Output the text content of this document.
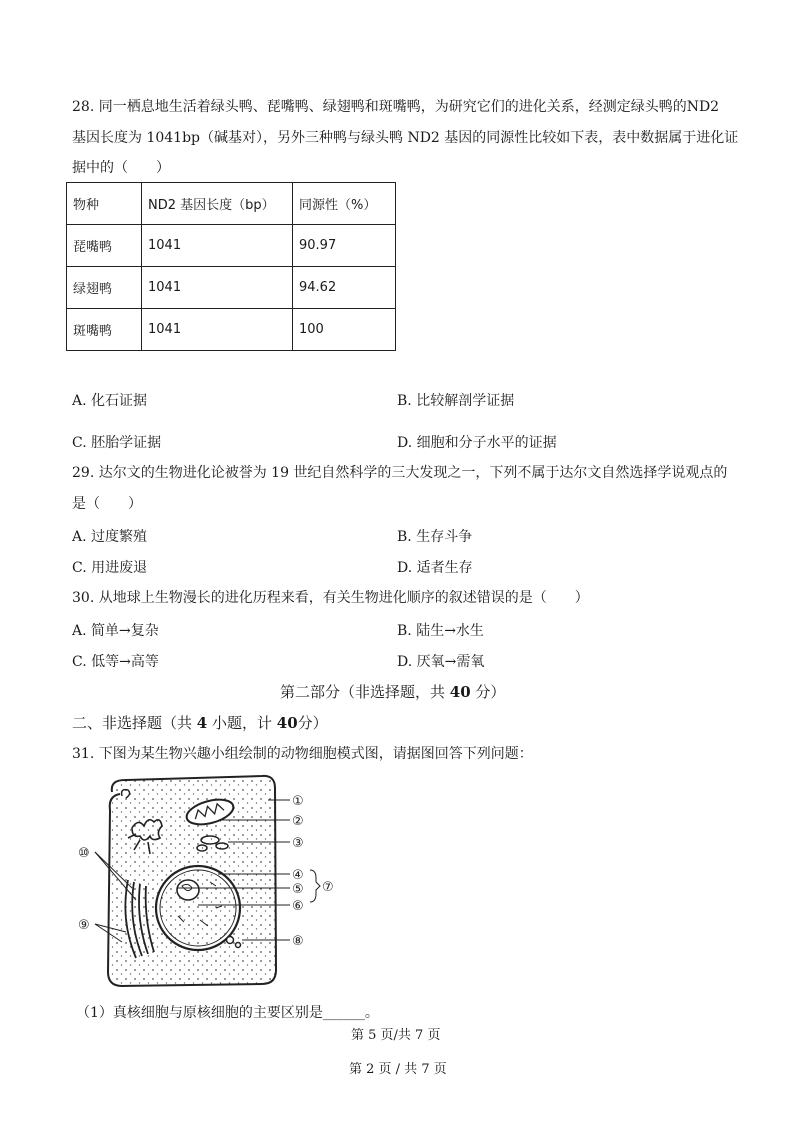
28. 同一栖息地生活着绿头鸭、琵嘴鸭、绿翅鸭和斑嘴鸭，为研究它们的进化关系，经测定绿头鸭的ND2
基因长度为 1041bp（碱基对），另外三种鸭与绿头鸭 ND2 基因的同源性比较如下表，表中数据属于进化证
据中的（　　）
物种	ND2 基因长度（bp）	同源性（%）
琵嘴鸭	1041	90.97
绿翅鸭	1041	94.62
斑嘴鸭	1041	100
A. 化石证据	B. 比较解剖学证据
C. 胚胎学证据	D. 细胞和分子水平的证据
29. 达尔文的生物进化论被誉为 19 世纪自然科学的三大发现之一，下列不属于达尔文自然选择学说观点的
是（　　）
A. 过度繁殖	B. 生存斗争
C. 用进废退	D. 适者生存
30. 从地球上生物漫长的进化历程来看，有关生物进化顺序的叙述错误的是（　　）
A. 简单→复杂	B. 陆生→水生
C. 低等→高等	D. 厌氧→需氧
第二部分（非选择题，共 40 分）
二、非选择题（共 4 小题，计 40分）
31. 下图为某生物兴趣小组绘制的动物细胞模式图，请据图回答下列问题：
①
②
③
④
⑤
⑥
⑦
⑧
⑨
⑩
（1）真核细胞与原核细胞的主要区别是______。
第 5 页/共 7 页
第 2 页 / 共 7 页
